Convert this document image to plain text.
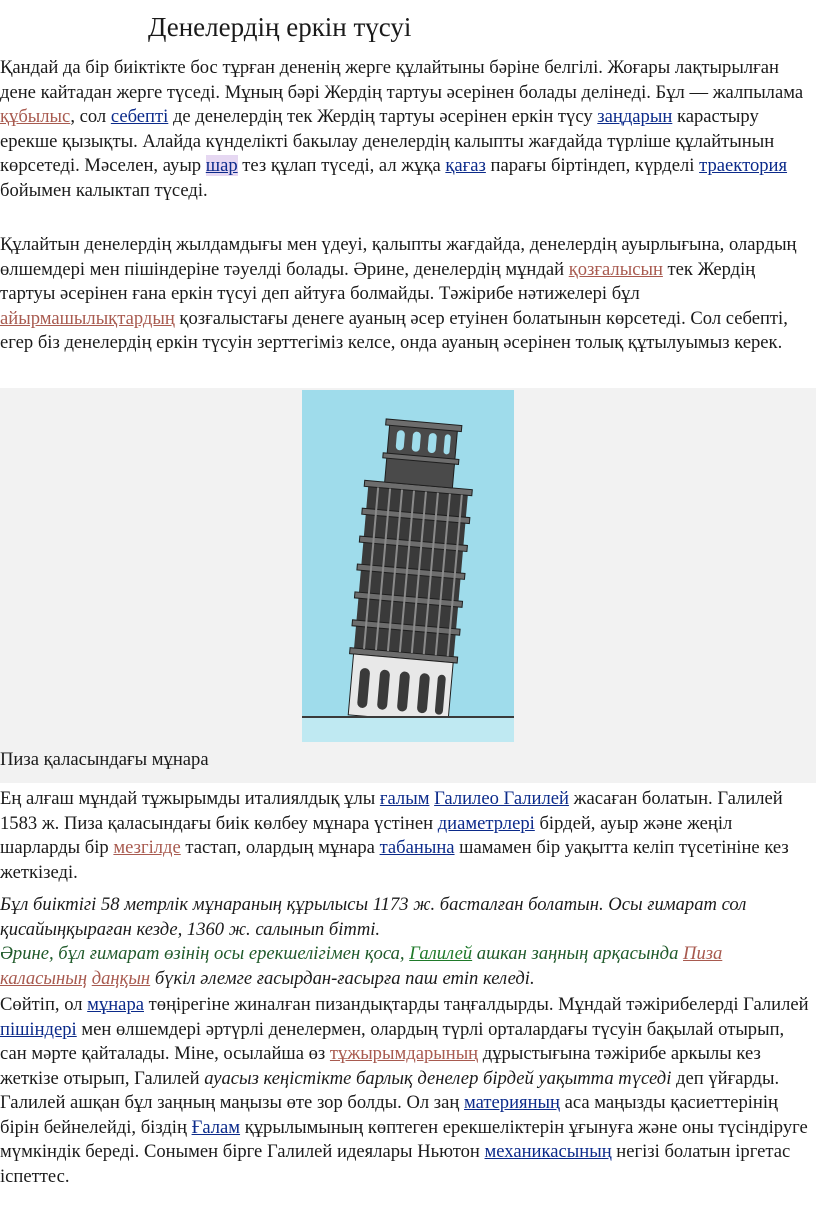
Денелердің еркін түсуі

Қандай да бір биіктікте бос тұрған дененің жерге құлайтыны бәріне белгілі. Жоғары лақтырылған дене кайтадан жерге түседі. Мұның бәрі Жердің тартуы әсерінен болады делінеді. Бұл — жалпылама құбылыс, сол себепті де денелердің тек Жердің тартуы әсерінен еркін түсу заңдарын карастыру ерекше қызықты. Алайда күнделікті бакылау денелердің калыпты жағдайда түрліше құлайтынын көрсетеді. Мәселен, ауыр шар тез құлап түседі, ал жұқа қағаз парағы біртіндеп, күрделі траектория бойымен калыктап түседі.

Құлайтын денелердің жылдамдығы мен үдеуі, қалыпты жағдайда, денелердің ауырлығына, олардың өлшемдері мен пішіндеріне тәуелді болады. Әрине, денелердің мұндай қозғалысын тек Жердің тартуы әсерінен ғана еркін түсуі деп айтуға болмайды. Тәжірибе нәтижелері бұл айырмашылықтардың қозғалыстағы денеге ауаның әсер етуінен болатынын көрсетеді. Сол себепті, егер біз денелердің еркін түсуін зерттегіміз келсе, онда ауаның әсерінен толық құтылуымыз керек.

Пиза қаласындағы мұнара

Ең алғаш мұндай тұжырымды италиялдық ұлы ғалым Галилео Галилей жасаған болатын. Галилей 1583 ж. Пиза қаласындағы биік көлбеу мұнара үстінен диаметрлері бірдей, ауыр және жеңіл шарларды бір мезгілде тастап, олардың мұнара табанына шамамен бір уақытта келіп түсетініне кез жеткізеді.

Бұл биіктігі 58 метрлік мұнараның құрылысы 1173 ж. басталған болатын. Осы ғимарат сол қисайыңқыраған кезде, 1360 ж. салынып бітті.
Әрине, бұл ғимарат өзінің осы ерекшелігімен қоса, Галилей ашкан заңның арқасында Пиза каласының даңқын бүкіл әлемге ғасырдан-ғасырға паш етіп келеді.

Сөйтіп, ол мұнара төңірегіне жиналған пизандықтарды таңғалдырды. Мұндай тәжірибелерді Галилей пішіндері мен өлшемдері әртүрлі денелермен, олардың түрлі орталардағы түсуін бақылай отырып, сан мәрте қайталады. Міне, осылайша өз тұжырымдарының дұрыстығына тәжірибе аркылы кез жеткізе отырып, Галилей ауасыз кеңістікте барлық денелер бірдей уақытта түседі деп үйғарды. Галилей ашқан бұл заңның маңызы өте зор болды. Ол заң материяның аса маңызды қасиеттерінің бірін бейнелейді, біздің Ғалам құрылымының көптеген ерекшеліктерін ұғынуға және оны түсіндіруге мүмкіндік береді. Сонымен бірге Галилей идеялары Ньютон механикасының негізі болатын іргетас іспеттес.
